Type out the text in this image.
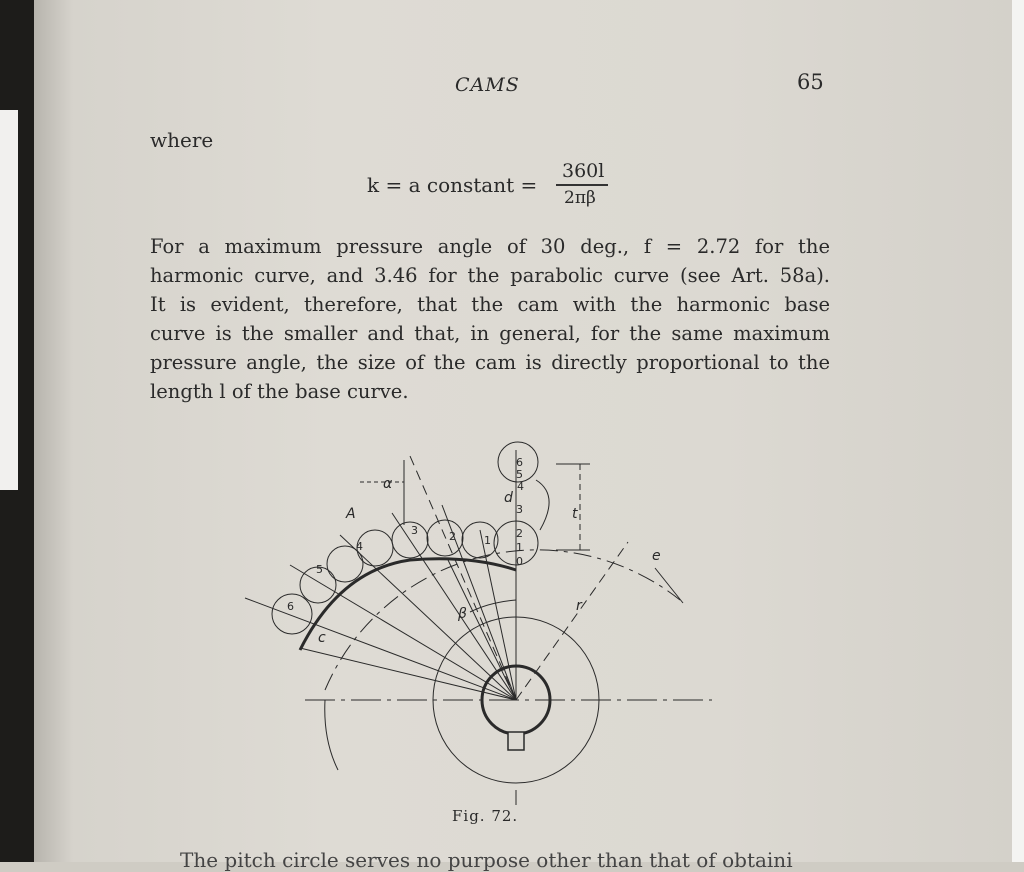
CAMS	65
where
k = a constant =
360l
2πβ
For a maximum pressure angle of 30 deg., f = 2.72 for the
harmonic curve, and 3.46 for the parabolic curve (see Art. 58a).
It is evident, therefore, that the cam with the harmonic base
curve is the smaller and that, in general, for the same maximum
pressure angle, the size of the cam is directly proportional to the
length l of the base curve.
α
A
d
t
e
r
β
c
1
2
3
4
5
6
0
1
2
3
4
5
6
Fig. 72.
The pitch circle serves no purpose other than that of obtaini
